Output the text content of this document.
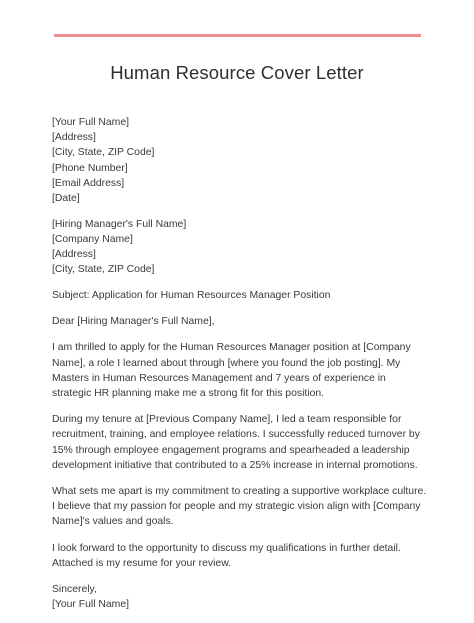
Human Resource Cover Letter
[Your Full Name]
[Address]
[City, State, ZIP Code]
[Phone Number]
[Email Address]
[Date]
[Hiring Manager's Full Name]
[Company Name]
[Address]
[City, State, ZIP Code]

Subject: Application for Human Resources Manager Position

Dear [Hiring Manager's Full Name],

I am thrilled to apply for the Human Resources Manager position at [Company Name], a role I learned about through [where you found the job posting]. My Masters in Human Resources Management and 7 years of experience in strategic HR planning make me a strong fit for this position.

During my tenure at [Previous Company Name], I led a team responsible for recruitment, training, and employee relations. I successfully reduced turnover by 15% through employee engagement programs and spearheaded a leadership development initiative that contributed to a 25% increase in internal promotions.

What sets me apart is my commitment to creating a supportive workplace culture. I believe that my passion for people and my strategic vision align with [Company Name]'s values and goals.

I look forward to the opportunity to discuss my qualifications in further detail. Attached is my resume for your review.

Sincerely,
[Your Full Name]
